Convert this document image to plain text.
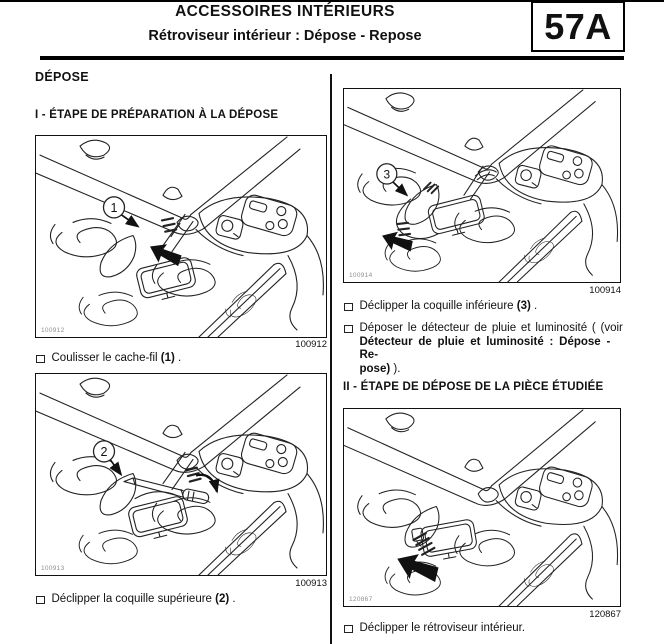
ACCESSOIRES INTÉRIEURS
Rétroviseur intérieur : Dépose - Repose	57A
DÉPOSE
I - ÉTAPE DE PRÉPARATION À LA DÉPOSE
1
100912
100912

Coulisser le cache-fil (1) .

2
100913
100913

Déclipper la coquille supérieure (2) .

3
100914
100914

Déclipper la coquille inférieure (3) .

Déposer le détecteur de pluie et luminosité ( (voir
Détecteur de pluie et luminosité : Dépose - Re-
pose) ).

II - ÉTAPE DE DÉPOSE DE LA PIÈCE ÉTUDIÉE
120867
120867

Déclipper le rétroviseur intérieur.
